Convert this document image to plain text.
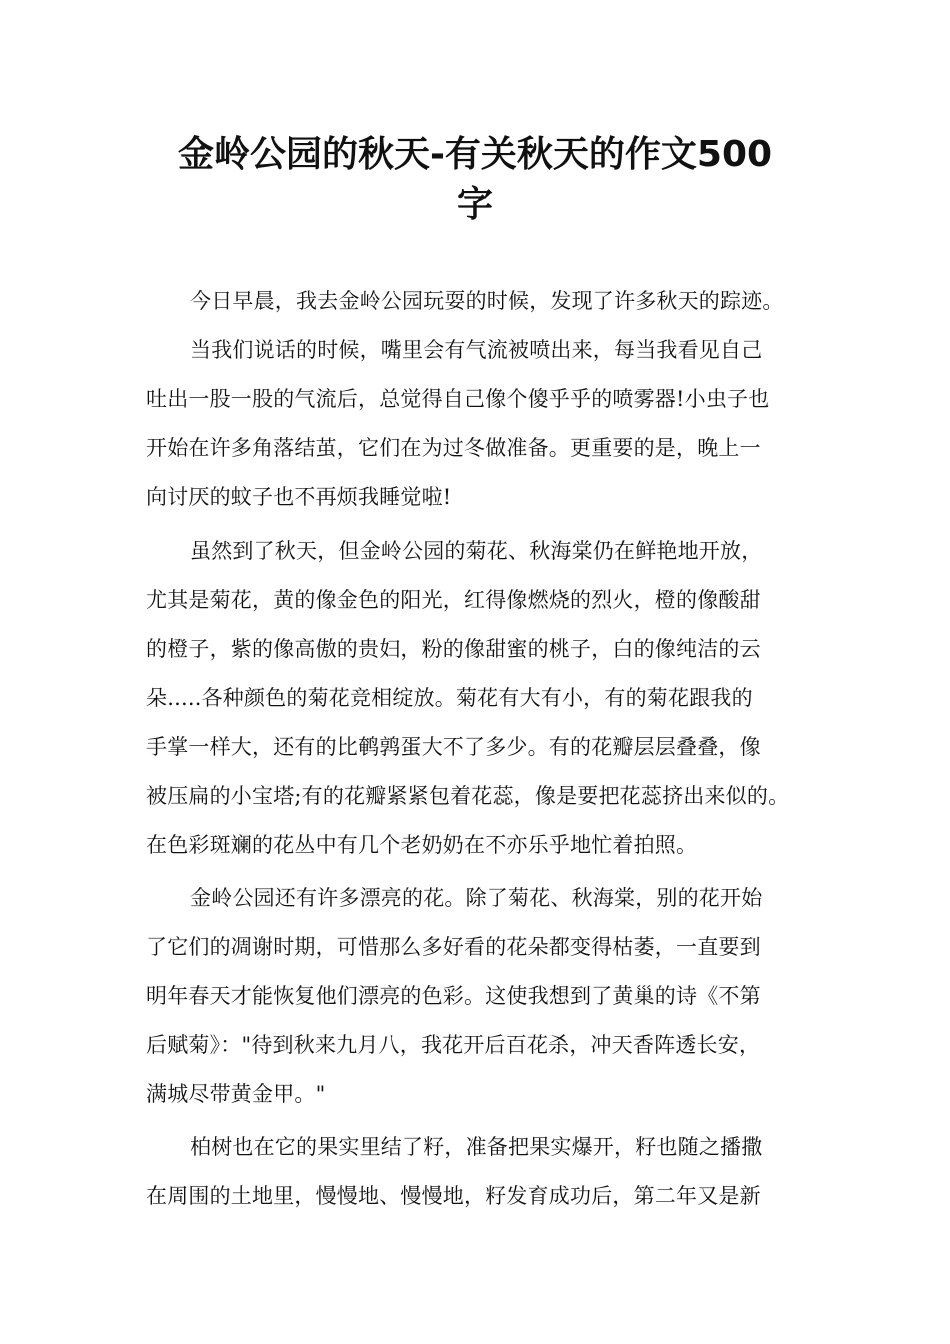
金岭公园的秋天-有关秋天的作文500
字
今日早晨，我去金岭公园玩耍的时候，发现了许多秋天的踪迹。
当我们说话的时候，嘴里会有气流被喷出来，每当我看见自己
吐出一股一股的气流后，总觉得自己像个傻乎乎的喷雾器!小虫子也
开始在许多角落结茧，它们在为过冬做准备。更重要的是，晚上一
向讨厌的蚊子也不再烦我睡觉啦!
虽然到了秋天，但金岭公园的菊花、秋海棠仍在鲜艳地开放，
尤其是菊花，黄的像金色的阳光，红得像燃烧的烈火，橙的像酸甜
的橙子，紫的像高傲的贵妇，粉的像甜蜜的桃子，白的像纯洁的云
朵.....各种颜色的菊花竞相绽放。菊花有大有小，有的菊花跟我的
手掌一样大，还有的比鹌鹑蛋大不了多少。有的花瓣层层叠叠，像
被压扁的小宝塔;有的花瓣紧紧包着花蕊，像是要把花蕊挤出来似的。
在色彩斑斓的花丛中有几个老奶奶在不亦乐乎地忙着拍照。
金岭公园还有许多漂亮的花。除了菊花、秋海棠，别的花开始
了它们的凋谢时期，可惜那么多好看的花朵都变得枯萎，一直要到
明年春天才能恢复他们漂亮的色彩。这使我想到了黄巢的诗《不第
后赋菊》："待到秋来九月八，我花开后百花杀，冲天香阵透长安，
满城尽带黄金甲。"
柏树也在它的果实里结了籽，准备把果实爆开，籽也随之播撒
在周围的土地里，慢慢地、慢慢地，籽发育成功后，第二年又是新
